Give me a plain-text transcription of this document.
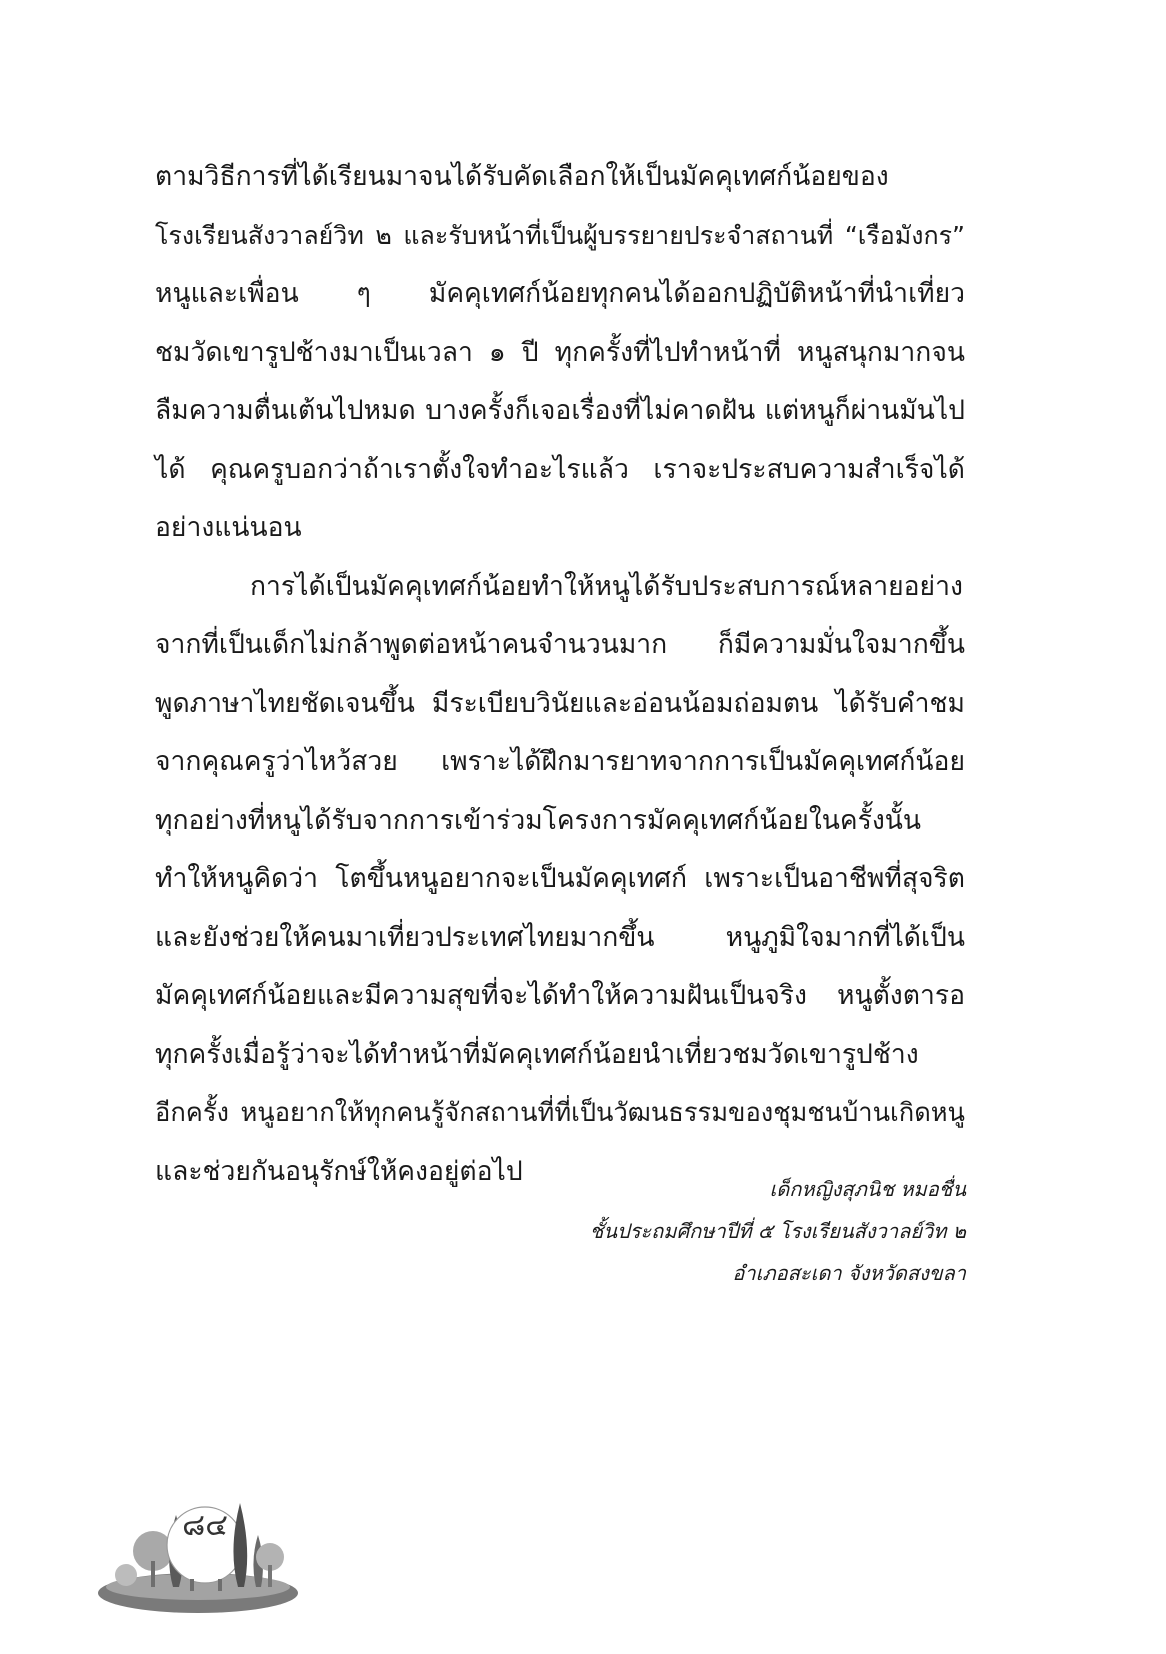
ตามวิธีการที่ได้เรียนมาจนได้รับคัดเลือกให้เป็นมัคคุเทศก์น้อยของ
โรงเรียนสังวาลย์วิท ๒ และรับหน้าที่เป็นผู้บรรยายประจำสถานที่ “เรือมังกร”
หนูและเพื่อน ๆ มัคคุเทศก์น้อยทุกคนได้ออกปฏิบัติหน้าที่นำเที่ยว
ชมวัดเขารูปช้างมาเป็นเวลา ๑ ปี ทุกครั้งที่ไปทำหน้าที่ หนูสนุกมากจน
ลืมความตื่นเต้นไปหมด บางครั้งก็เจอเรื่องที่ไม่คาดฝัน แต่หนูก็ผ่านมันไป
ได้ คุณครูบอกว่าถ้าเราตั้งใจทำอะไรแล้ว เราจะประสบความสำเร็จได้
อย่างแน่นอน
การได้เป็นมัคคุเทศก์น้อยทำให้หนูได้รับประสบการณ์หลายอย่าง
จากที่เป็นเด็กไม่กล้าพูดต่อหน้าคนจำนวนมาก ก็มีความมั่นใจมากขึ้น
พูดภาษาไทยชัดเจนขึ้น มีระเบียบวินัยและอ่อนน้อมถ่อมตน ได้รับคำชม
จากคุณครูว่าไหว้สวย เพราะได้ฝึกมารยาทจากการเป็นมัคคุเทศก์น้อย
ทุกอย่างที่หนูได้รับจากการเข้าร่วมโครงการมัคคุเทศก์น้อยในครั้งนั้น
ทำให้หนูคิดว่า โตขึ้นหนูอยากจะเป็นมัคคุเทศก์ เพราะเป็นอาชีพที่สุจริต
และยังช่วยให้คนมาเที่ยวประเทศไทยมากขึ้น หนูภูมิใจมากที่ได้เป็น
มัคคุเทศก์น้อยและมีความสุขที่จะได้ทำให้ความฝันเป็นจริง หนูตั้งตารอ
ทุกครั้งเมื่อรู้ว่าจะได้ทำหน้าที่มัคคุเทศก์น้อยนำเที่ยวชมวัดเขารูปช้าง
อีกครั้ง หนูอยากให้ทุกคนรู้จักสถานที่ที่เป็นวัฒนธรรมของชุมชนบ้านเกิดหนู
และช่วยกันอนุรักษ์ให้คงอยู่ต่อไป
เด็กหญิงสุภนิช หมอชื่น
ชั้นประถมศึกษาปีที่ ๕ โรงเรียนสังวาลย์วิท ๒
อำเภอสะเดา จังหวัดสงขลา
๘๔
